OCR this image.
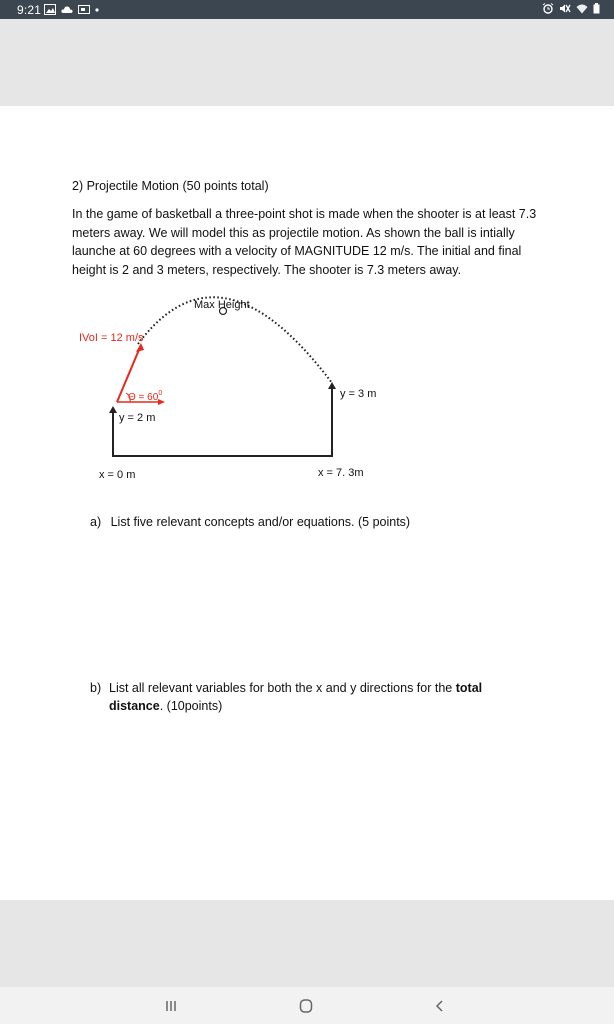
9:21
2) Projectile Motion (50 points total)
In the game of basketball a three-point shot is made when the shooter is at least 7.3 meters away. We will model this as projectile motion. As shown the ball is intially launche at 60 degrees with a velocity of MAGNITUDE 12 m/s. The initial and final height is 2 and 3 meters, respectively. The shooter is 7.3 meters away.
Max Height
IVoI = 12 m/s
$\Theta = 60^0$
y = 2 m
y = 3 m
x = 0 m	x = 7. 3m
a) List five relevant concepts and/or equations. (5 points)
b) List all relevant variables for both the x and y directions for the total distance. (10points)
